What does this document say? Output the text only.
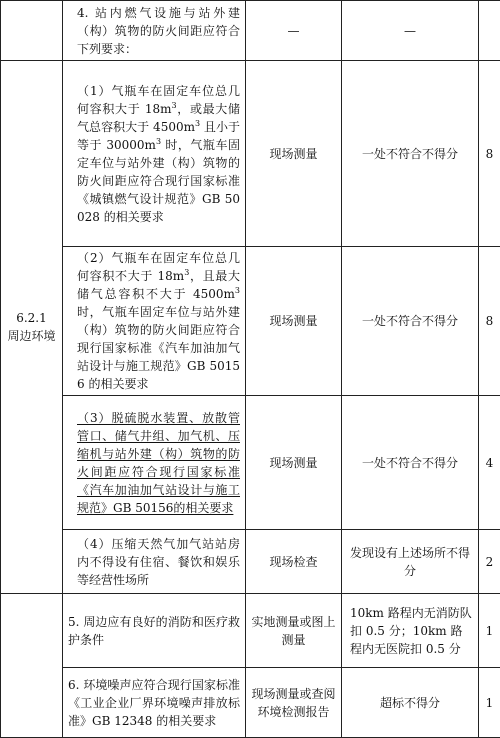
	4. 站内燃气设施与站外建（构）筑物的防火间距应符合下列要求：	—	—	

6.2.1
周边环境	（1）气瓶车在固定车位总几何容积大于 $18m^3$，或最大储气总容积大于 $4500m^3$ 且小于等于 $30000m^3$ 时，气瓶车固定车位与站外建（构）筑物的防火间距应符合现行国家标准《城镇燃气设计规范》GB 50028 的相关要求	现场测量	一处不符合不得分	8
	（2）气瓶车在固定车位总几何容积不大于 $18m^3$，且最大储气总容积不大于 $4500m^3$ 时，气瓶车固定车位与站外建（构）筑物的防火间距应符合现行国家标准《汽车加油加气站设计与施工规范》GB 50156 的相关要求	现场测量	一处不符合不得分	8
	（3）脱硫脱水装置、放散管管口、储气井组、加气机、压缩机与站外建（构）筑物的防火间距应符合现行国家标准《汽车加油加气站设计与施工规范》GB 50156的相关要求	现场测量	一处不符合不得分	4
	（4）压缩天然气加气站站房内不得设有住宿、餐饮和娱乐等经营性场所	现场检查	发现设有上述场所不得分	2
	5. 周边应有良好的消防和医疗救护条件	实地测量或图上测量	10km 路程内无消防队扣 0.5 分；10km 路程内无医院扣 0.5 分	1
	6. 环境噪声应符合现行国家标准《工业企业厂界环境噪声排放标准》GB 12348 的相关要求	现场测量或查阅环境检测报告	超标不得分	1
